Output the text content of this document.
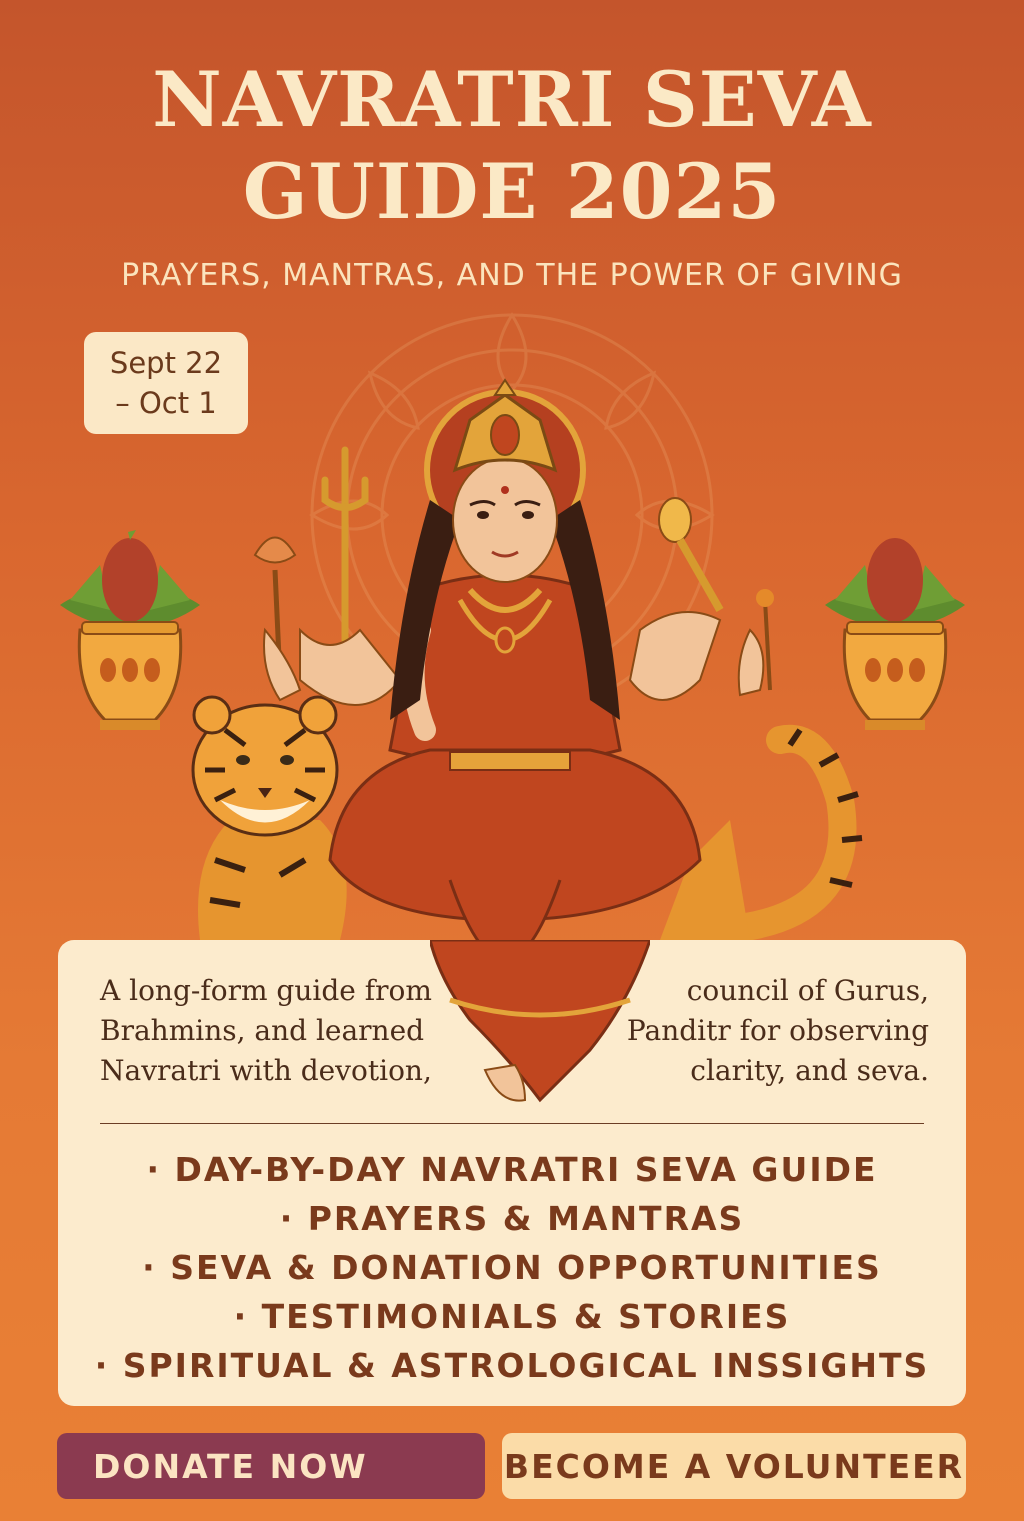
NAVRATRI SEVA
GUIDE 2025
PRAYERS, MANTRAS, AND THE POWER OF GIVING
Sept 22
– Oct 1
A long-form guide from
Brahmins, and learned
Navratri with devotion,
council of Gurus,
Panditr for observing
clarity, and seva.
· DAY-BY-DAY NAVRATRI SEVA GUIDE
· PRAYERS & MANTRAS
· SEVA & DONATION OPPORTUNITIES
· TESTIMONIALS & STORIES
· SPIRITUAL & ASTROLOGICAL INSSIGHTS
DONATE NOW	BECOME A VOLUNTEER
